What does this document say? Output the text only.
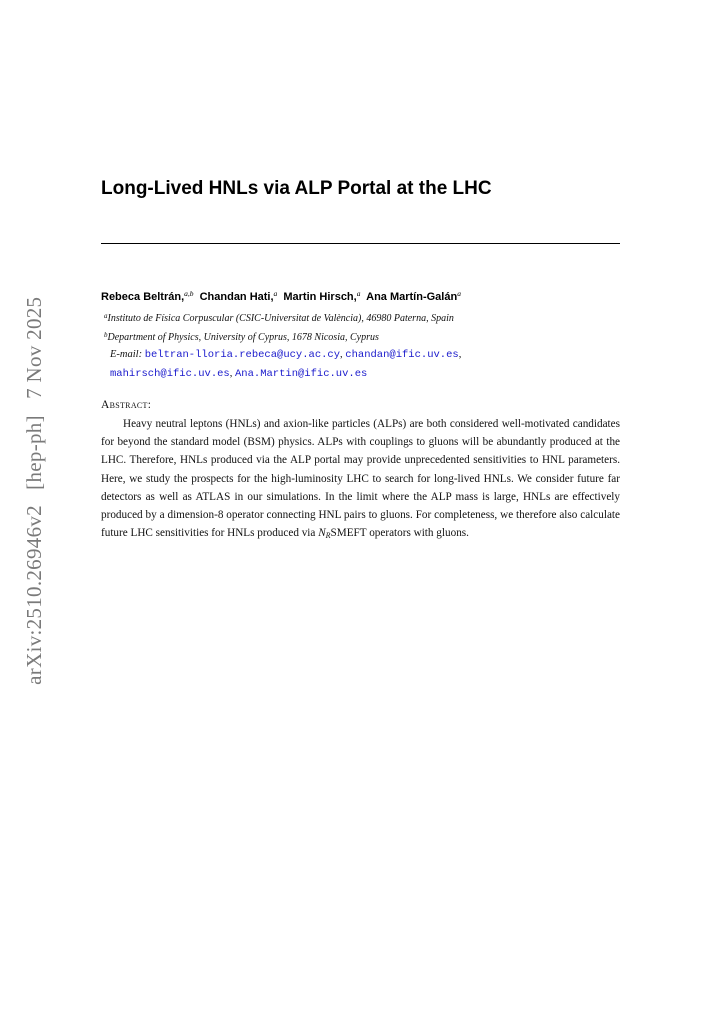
arXiv:2510.26946v2 [hep-ph] 7 Nov 2025
Long-Lived HNLs via ALP Portal at the LHC
Rebeca Beltrán,$^{a,b}$ Chandan Hati,$^a$ Martin Hirsch,$^a$ Ana Martín-Galán$^a$
$^a$Instituto de Física Corpuscular (CSIC-Universitat de València), 46980 Paterna, Spain
$^b$Department of Physics, University of Cyprus, 1678 Nicosia, Cyprus
E-mail: beltran-lloria.rebeca@ucy.ac.cy, chandan@ific.uv.es,
mahirsch@ific.uv.es, Ana.Martin@ific.uv.es
Abstract:

Heavy neutral leptons (HNLs) and axion-like particles (ALPs) are both considered well-motivated candidates for beyond the standard model (BSM) physics. ALPs with couplings to gluons will be abundantly produced at the LHC. Therefore, HNLs produced via the ALP portal may provide unprecedented sensitivities to HNL parameters. Here, we study the prospects for the high-luminosity LHC to search for long-lived HNLs. We consider future far detectors as well as ATLAS in our simulations. In the limit where the ALP mass is large, HNLs are effectively produced by a dimension-8 operator connecting HNL pairs to gluons. For completeness, we therefore also calculate future LHC sensitivities for HNLs produced via $N_RSMEFT$ operators with gluons.
